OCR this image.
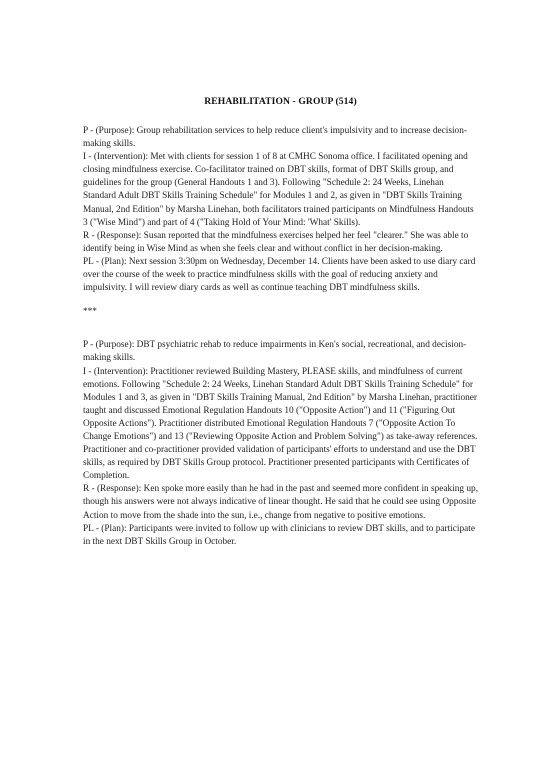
REHABILITATION - GROUP (514)

P - (Purpose): Group rehabilitation services to help reduce client's impulsivity and to increase decision-making skills.

I - (Intervention): Met with clients for session 1 of 8 at CMHC Sonoma office. I facilitated opening and closing mindfulness exercise. Co-facilitator trained on DBT skills, format of DBT Skills group, and guidelines for the group (General Handouts 1 and 3). Following "Schedule 2: 24 Weeks, Linehan Standard Adult DBT Skills Training Schedule" for Modules 1 and 2, as given in "DBT Skills Training Manual, 2nd Edition" by Marsha Linehan, both facilitators trained participants on Mindfulness Handouts 3 ("Wise Mind") and part of 4 ("Taking Hold of Your Mind: 'What' Skills).

R - (Response): Susan reported that the mindfulness exercises helped her feel "clearer." She was able to identify being in Wise Mind as when she feels clear and without conflict in her decision-making.

PL - (Plan): Next session 3:30pm on Wednesday, December 14. Clients have been asked to use diary card over the course of the week to practice mindfulness skills with the goal of reducing anxiety and impulsivity. I will review diary cards as well as continue teaching DBT mindfulness skills.

***

P - (Purpose): DBT psychiatric rehab to reduce impairments in Ken's social, recreational, and decision-making skills.

I - (Intervention): Practitioner reviewed Building Mastery, PLEASE skills, and mindfulness of current emotions. Following "Schedule 2: 24 Weeks, Linehan Standard Adult DBT Skills Training Schedule" for Modules 1 and 3, as given in "DBT Skills Training Manual, 2nd Edition" by Marsha Linehan, practitioner taught and discussed Emotional Regulation Handouts 10 ("Opposite Action") and 11 ("Figuring Out Opposite Actions"). Practitioner distributed Emotional Regulation Handouts 7 ("Opposite Action To Change Emotions") and 13 ("Reviewing Opposite Action and Problem Solving") as take-away references. Practitioner and co-practitioner provided validation of participants' efforts to understand and use the DBT skills, as required by DBT Skills Group protocol. Practitioner presented participants with Certificates of Completion.

R - (Response): Ken spoke more easily than he had in the past and seemed more confident in speaking up, though his answers were not always indicative of linear thought. He said that he could see using Opposite Action to move from the shade into the sun, i.e., change from negative to positive emotions.

PL - (Plan): Participants were invited to follow up with clinicians to review DBT skills, and to participate in the next DBT Skills Group in October.
